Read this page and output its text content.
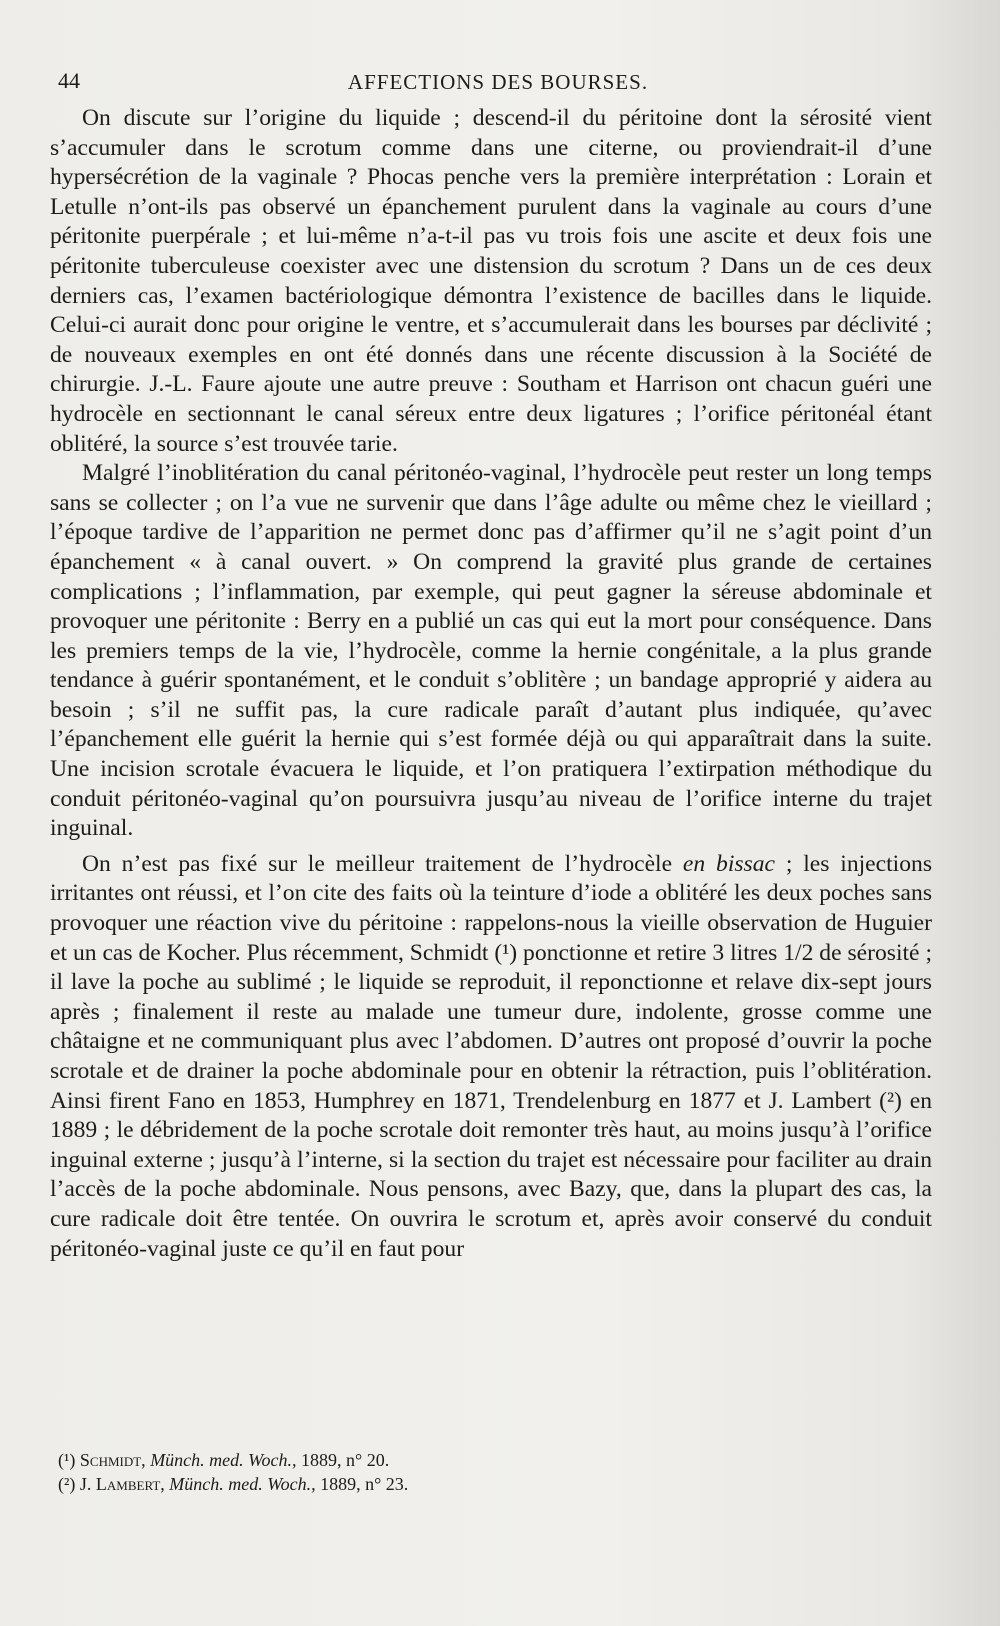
44	AFFECTIONS DES BOURSES.

On discute sur l’origine du liquide ; descend-il du péritoine dont la sérosité vient s’accumuler dans le scrotum comme dans une citerne, ou proviendrait-il d’une hypersécrétion de la vaginale ? Phocas penche vers la première interprétation : Lorain et Letulle n’ont-ils pas observé un épanchement purulent dans la vaginale au cours d’une péritonite puerpérale ; et lui-même n’a-t-il pas vu trois fois une ascite et deux fois une péritonite tuberculeuse coexister avec une distension du scrotum ? Dans un de ces deux derniers cas, l’examen bactériologique démontra l’existence de bacilles dans le liquide. Celui-ci aurait donc pour origine le ventre, et s’accumulerait dans les bourses par déclivité ; de nouveaux exemples en ont été donnés dans une récente discussion à la Société de chirurgie. J.-L. Faure ajoute une autre preuve : Southam et Harrison ont chacun guéri une hydrocèle en sectionnant le canal séreux entre deux ligatures ; l’orifice péritonéal étant oblitéré, la source s’est trouvée tarie.

Malgré l’inoblitération du canal péritonéo-vaginal, l’hydrocèle peut rester un long temps sans se collecter ; on l’a vue ne survenir que dans l’âge adulte ou même chez le vieillard ; l’époque tardive de l’apparition ne permet donc pas d’affirmer qu’il ne s’agit point d’un épanchement « à canal ouvert. » On comprend la gravité plus grande de certaines complications ; l’inflammation, par exemple, qui peut gagner la séreuse abdominale et provoquer une péritonite : Berry en a publié un cas qui eut la mort pour conséquence. Dans les premiers temps de la vie, l’hydrocèle, comme la hernie congénitale, a la plus grande tendance à guérir spontanément, et le conduit s’oblitère ; un bandage approprié y aidera au besoin ; s’il ne suffit pas, la cure radicale paraît d’autant plus indiquée, qu’avec l’épanchement elle guérit la hernie qui s’est formée déjà ou qui apparaîtrait dans la suite. Une incision scrotale évacuera le liquide, et l’on pratiquera l’extirpation méthodique du conduit péritonéo-vaginal qu’on poursuivra jusqu’au niveau de l’orifice interne du trajet inguinal.

On n’est pas fixé sur le meilleur traitement de l’hydrocèle en bissac ; les injections irritantes ont réussi, et l’on cite des faits où la teinture d’iode a oblitéré les deux poches sans provoquer une réaction vive du péritoine : rappelons-nous la vieille observation de Huguier et un cas de Kocher. Plus récemment, Schmidt (¹) ponctionne et retire 3 litres 1/2 de sérosité ; il lave la poche au sublimé ; le liquide se reproduit, il reponctionne et relave dix-sept jours après ; finalement il reste au malade une tumeur dure, indolente, grosse comme une châtaigne et ne communiquant plus avec l’abdomen. D’autres ont proposé d’ouvrir la poche scrotale et de drainer la poche abdominale pour en obtenir la rétraction, puis l’oblitération. Ainsi firent Fano en 1853, Humphrey en 1871, Trendelenburg en 1877 et J. Lambert (²) en 1889 ; le débridement de la poche scrotale doit remonter très haut, au moins jusqu’à l’orifice inguinal externe ; jusqu’à l’interne, si la section du trajet est nécessaire pour faciliter au drain l’accès de la poche abdominale. Nous pensons, avec Bazy, que, dans la plupart des cas, la cure radicale doit être tentée. On ouvrira le scrotum et, après avoir conservé du conduit péritonéo-vaginal juste ce qu’il en faut pour

(¹) Schmidt, Münch. med. Woch., 1889, n° 20.

(²) J. Lambert, Münch. med. Woch., 1889, n° 23.
